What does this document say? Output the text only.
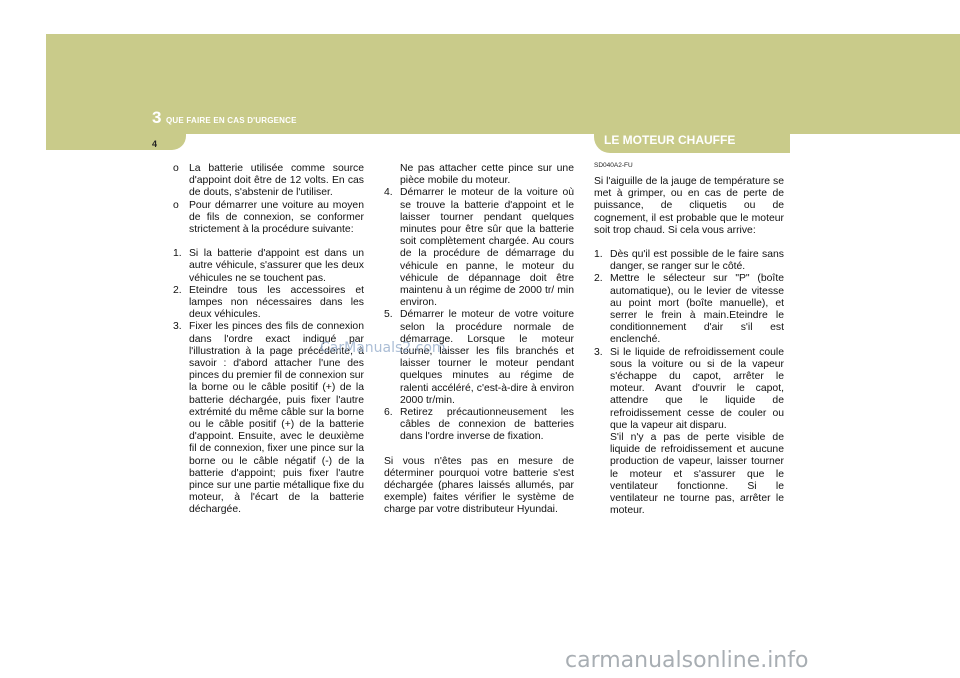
3 QUE FAIRE EN CAS D'URGENCE
4	LE MOTEUR CHAUFFE
o La batterie utilisée comme source d'appoint doit être de 12 volts. En cas de douts, s'abstenir de l'utiliser.

o Pour démarrer une voiture au moyen de fils de connexion, se conformer strictement à la procédure suivante:

1. Si la batterie d'appoint est dans un autre véhicule, s'assurer que les deux véhicules ne se touchent pas.

2. Eteindre tous les accessoires et lampes non nécessaires dans les deux véhicules.

3. Fixer les pinces des fils de connexion dans l'ordre exact indiqué par l'illustration à la page précédente, à savoir : d'abord attacher l'une des pinces du premier fil de connexion sur la borne ou le câble positif (+) de la batterie déchargée, puis fixer l'autre extrémité du même câble sur la borne ou le câble positif (+) de la batterie d'appoint. Ensuite, avec le deuxième fil de connexion, fixer une pince sur la borne ou le câble négatif (-) de la batterie d'appoint; puis fixer l'autre pince sur une partie métallique fixe du moteur, à l'écart de la batterie déchargée.

Ne pas attacher cette pince sur une pièce mobile du moteur.

4. Démarrer le moteur de la voiture où se trouve la batterie d'appoint et le laisser tourner pendant quelques minutes pour être sûr que la batterie soit complètement chargée. Au cours de la procédure de démarrage du véhicule en panne, le moteur du véhicule de dépannage doit être maintenu à un régime de 2000 tr/ min environ.

5. Démarrer le moteur de votre voiture selon la procédure normale de démarrage. Lorsque le moteur tourne, laisser les fils branchés et laisser tourner le moteur pendant quelques minutes au régime de ralenti accéléré, c'est-à-dire à environ 2000 tr/min.

6. Retirez précautionneusement les câbles de connexion de batteries dans l'ordre inverse de fixation.

Si vous n'êtes pas en mesure de déterminer pourquoi votre batterie s'est déchargée (phares laissés allumés, par exemple) faites vérifier le système de charge par votre distributeur Hyundai.

SD040A2-FU

Si l'aiguille de la jauge de température se met à grimper, ou en cas de perte de puissance, de cliquetis ou de cognement, il est probable que le moteur soit trop chaud. Si cela vous arrive:

1. Dès qu'il est possible de le faire sans danger, se ranger sur le côté.

2. Mettre le sélecteur sur "P" (boîte automatique), ou le levier de vitesse au point mort (boîte manuelle), et serrer le frein à main.Eteindre le conditionnement d'air s'il est enclenché.

3. Si le liquide de refroidissement coule sous la voiture ou si de la vapeur s'échappe du capot, arrêter le moteur. Avant d'ouvrir le capot, attendre que le liquide de refroidissement cesse de couler ou que la vapeur ait disparu.

S'il n'y a pas de perte visible de liquide de refroidissement et aucune production de vapeur, laisser tourner le moteur et s'assurer que le ventilateur fonctionne. Si le ventilateur ne tourne pas, arrêter le moteur.

CarManuals2.com
carmanualsonline.info
